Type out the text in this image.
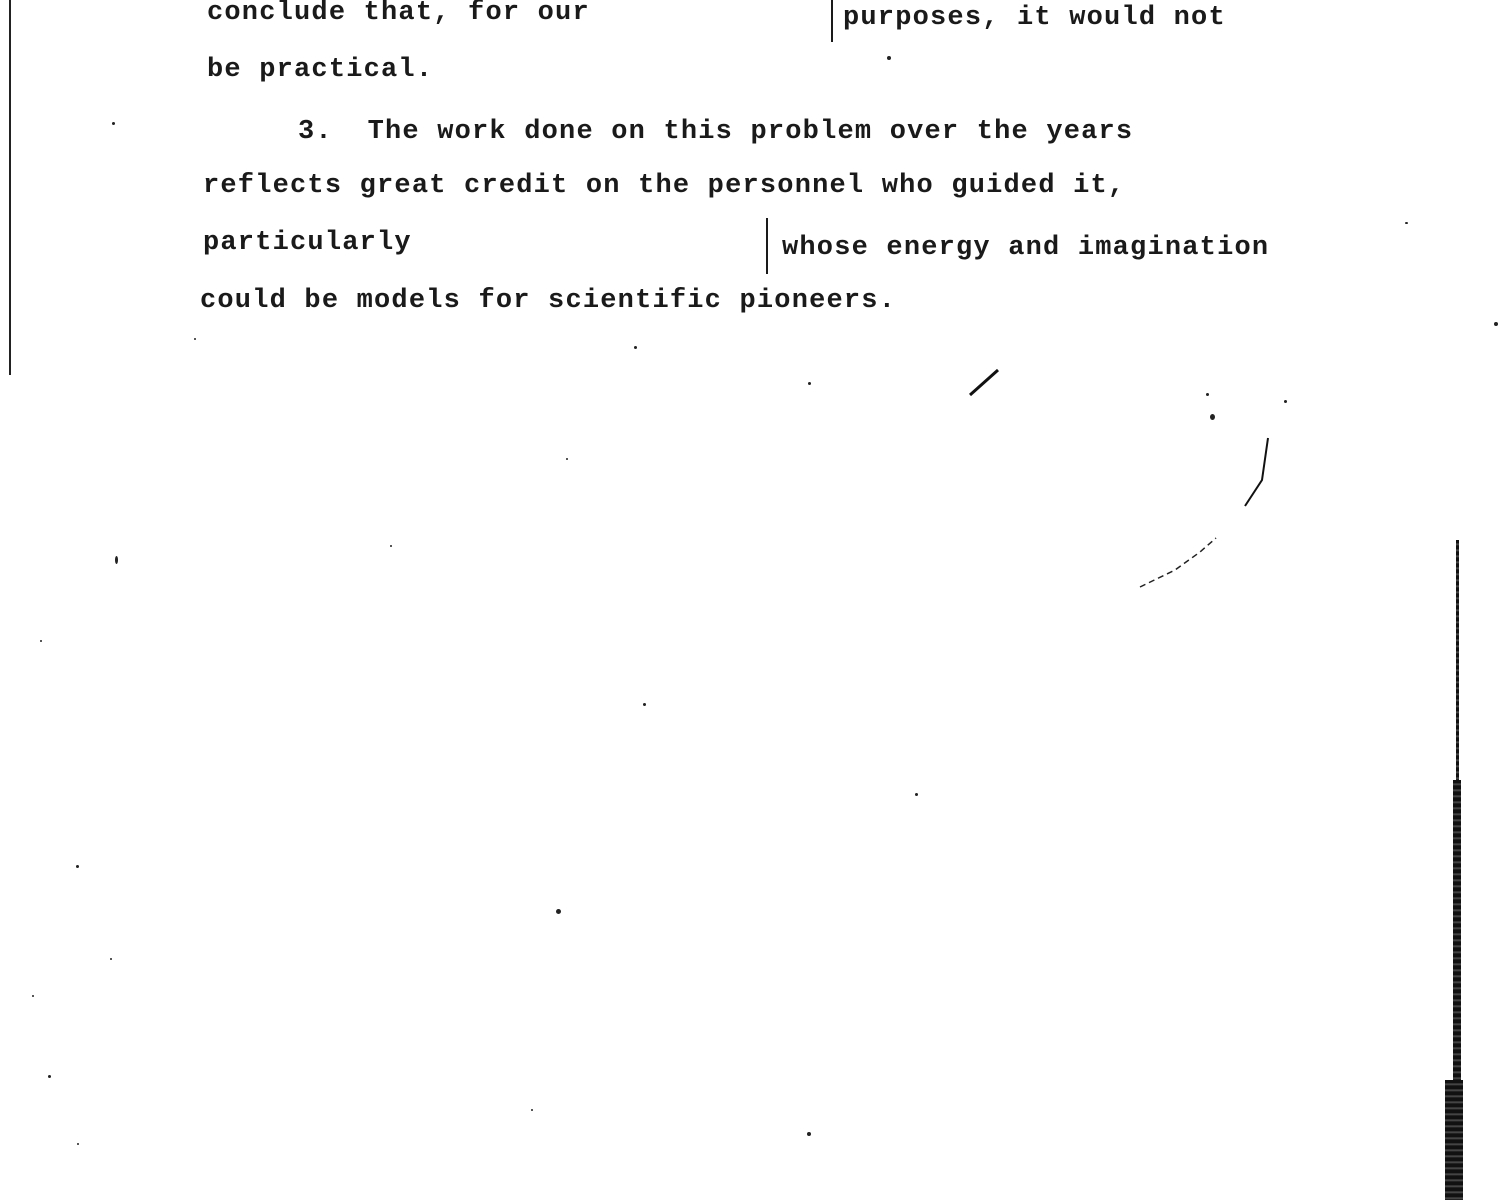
conclude that, for our	purposes, it would not
be practical.
3.  The work done on this problem over the years
reflects great credit on the personnel who guided it,
particularly	whose energy and imagination
could be models for scientific pioneers.
